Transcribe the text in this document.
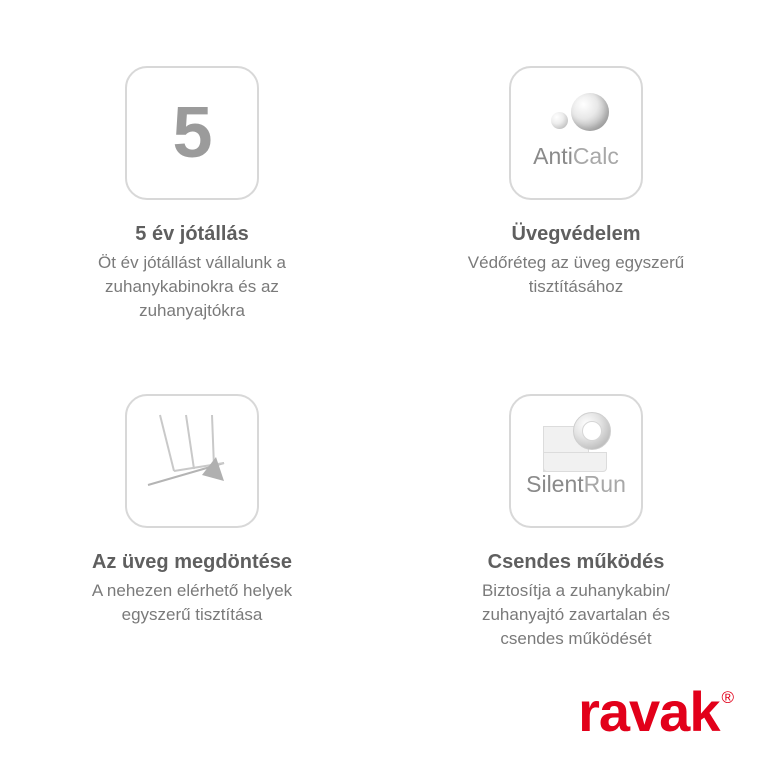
5
5 év jótállás
Öt év jótállást vállalunk a zuhanykabinokra és az zuhanyajtókra
AntiCalc
Üvegvédelem
Védőréteg az üveg egyszerű tisztításához
Az üveg megdöntése
A nehezen elérhető helyek egyszerű tisztítása
SilentRun
Csendes működés
Biztosítja a zuhanykabin/ zuhanyajtó zavartalan és csendes működését
ravak ®
